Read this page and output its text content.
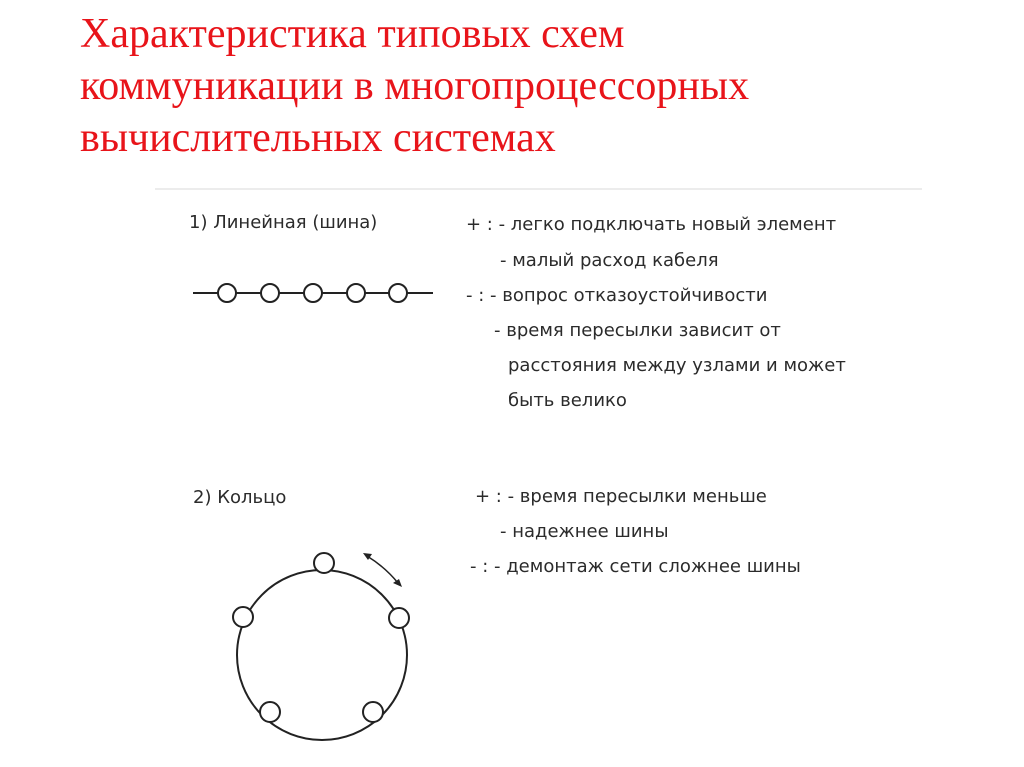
Характеристика типовых схем
коммуникации в многопроцессорных
вычислительных системах
1) Линейная (шина)	+ : - легко подключать новый элемент
- малый расход кабеля
- : - вопрос отказоустойчивости
- время пересылки зависит от
расстояния между узлами и может
быть велико
2) Кольцо	+ : - время пересылки меньше
- надежнее шины
- : - демонтаж сети сложнее шины
